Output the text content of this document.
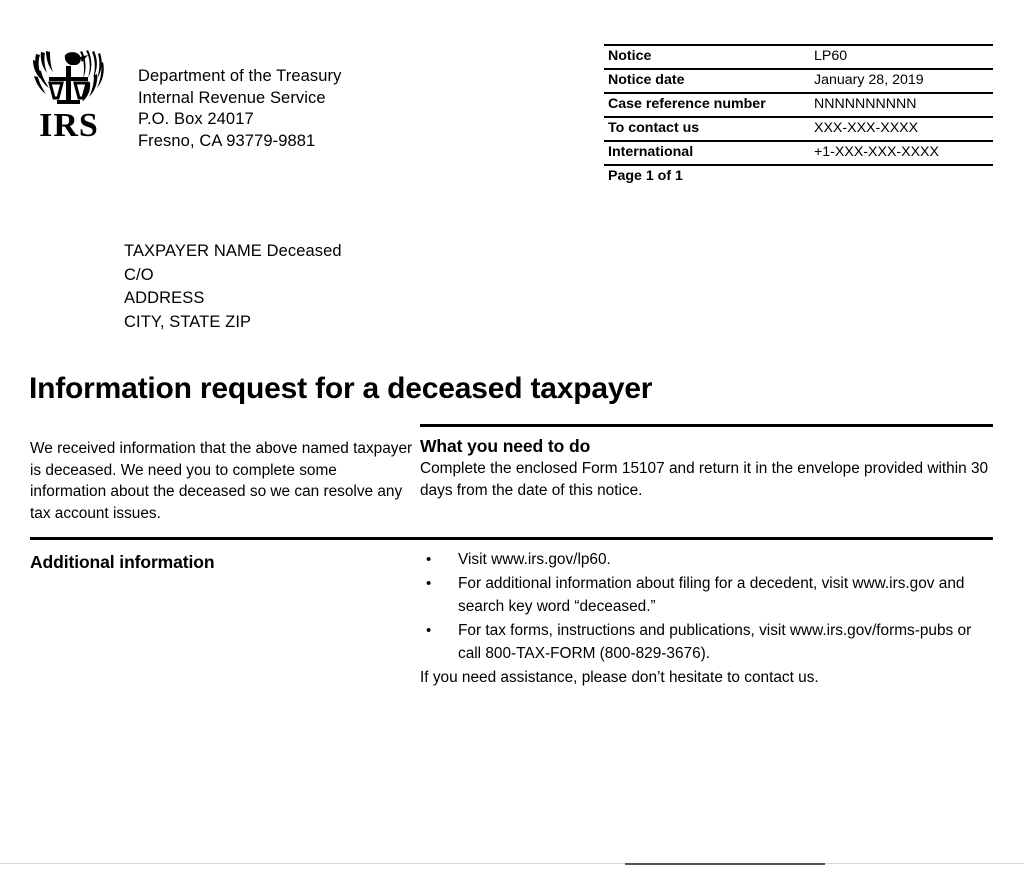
IRS
Department of the Treasury
Internal Revenue Service
P.O. Box 24017
Fresno, CA 93779-9881
Notice	LP60
Notice date	January 28, 2019
Case reference number	NNNNNNNNNN
To contact us	XXX-XXX-XXXX
International	+1-XXX-XXX-XXXX
Page 1 of 1	
TAXPAYER NAME Deceased
C/O
ADDRESS
CITY, STATE ZIP
Information request for a deceased taxpayer
We received information that the above named taxpayer is deceased. We need you to complete some information about the deceased so we can resolve any tax account issues.
What you need to do

Complete the enclosed Form 15107 and return it in the envelope provided within 30 days from the date of this notice.

Additional information	• Visit www.irs.gov/lp60.
• For additional information about filing for a decedent, visit www.irs.gov and search key word “deceased.”
• For tax forms, instructions and publications, visit www.irs.gov/forms-pubs or call 800-TAX-FORM (800-829-3676).
If you need assistance, please don’t hesitate to contact us.
